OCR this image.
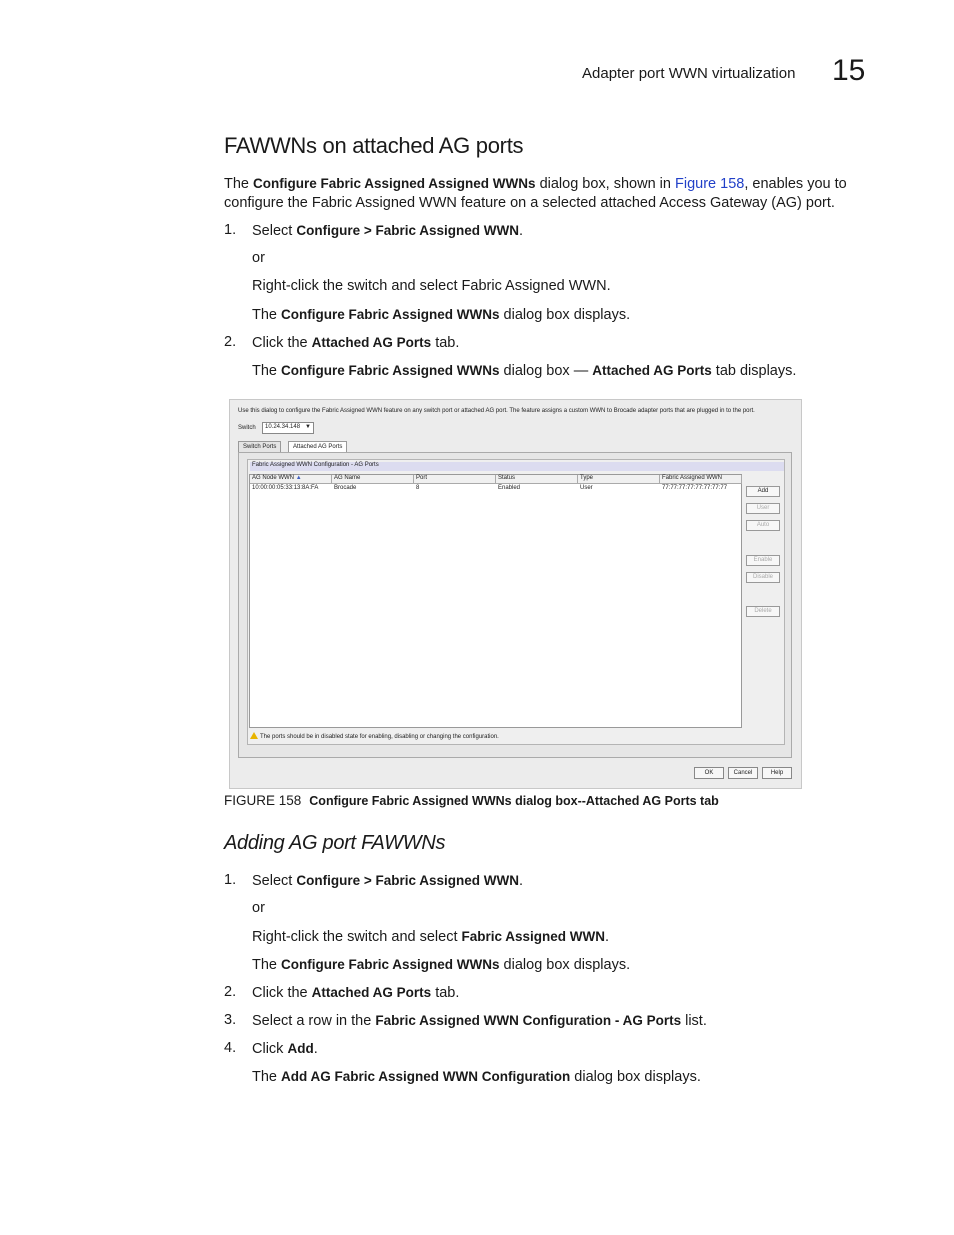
Adapter port WWN virtualization 15
FAWWNs on attached AG ports
The Configure Fabric Assigned Assigned WWNs dialog box, shown in Figure 158, enables you to
configure the Fabric Assigned WWN feature on a selected attached Access Gateway (AG) port.
1. Select Configure > Fabric Assigned WWN.
or
Right-click the switch and select Fabric Assigned WWN.
The Configure Fabric Assigned WWNs dialog box displays.
2. Click the Attached AG Ports tab.
The Configure Fabric Assigned WWNs dialog box — Attached AG Ports tab displays.
Use this dialog to configure the Fabric Assigned WWN feature on any switch port or attached AG port. The feature assigns a custom WWN to Brocade adapter ports that are plugged in to the port.
Switch	10.24.34.148 ▼
Switch Ports	Attached AG Ports
Fabric Assigned WWN Configuration - AG Ports
AG Node WWN ▲	AG Name	Port	Status	Type	Fabric Assigned WWN
10:00:00:05:33:13:8A:FA	Brocade	8	Enabled	User	77:77:77:77:77:77:77:77	Add
User
Auto
Enable
Disable
Delete
The ports should be in disabled state for enabling, disabling or changing the configuration.
OK	Cancel	Help
FIGURE 158 Configure Fabric Assigned WWNs dialog box--Attached AG Ports tab
Adding AG port FAWWNs
1. Select Configure > Fabric Assigned WWN.
or
Right-click the switch and select Fabric Assigned WWN.
The Configure Fabric Assigned WWNs dialog box displays.
2. Click the Attached AG Ports tab.
3. Select a row in the Fabric Assigned WWN Configuration - AG Ports list.
4. Click Add.
The Add AG Fabric Assigned WWN Configuration dialog box displays.
